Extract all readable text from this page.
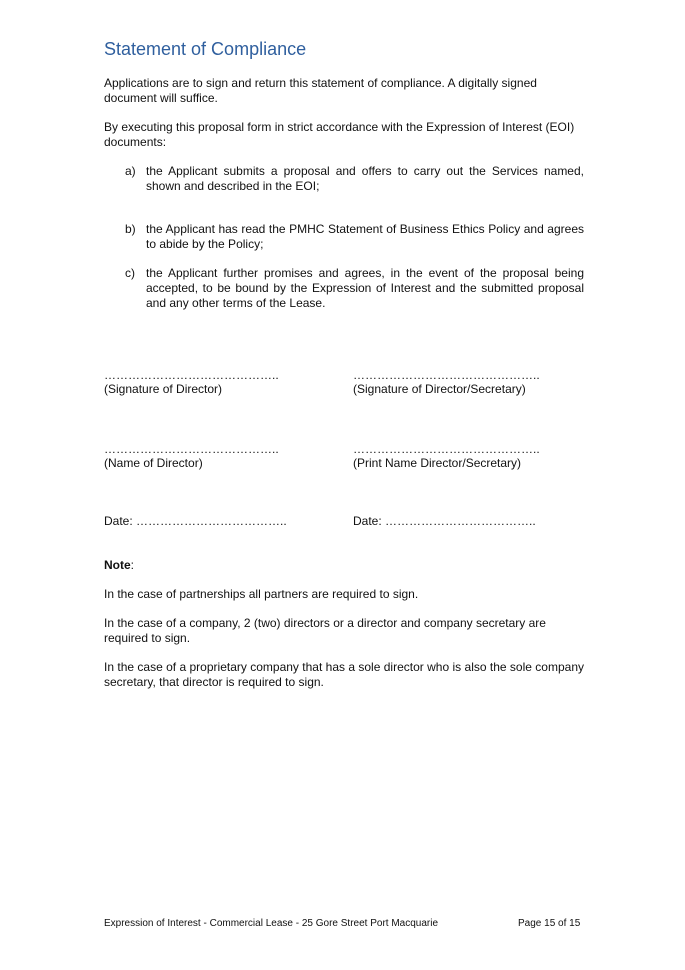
Statement of Compliance

Applications are to sign and return this statement of compliance. A digitally signed document will suffice.

By executing this proposal form in strict accordance with the Expression of Interest (EOI) documents:

a) the Applicant submits a proposal and offers to carry out the Services named, shown and described in the EOI;
b) the Applicant has read the PMHC Statement of Business Ethics Policy and agrees to abide by the Policy;
c) the Applicant further promises and agrees, in the event of the proposal being accepted, to be bound by the Expression of Interest and the submitted proposal and any other terms of the Lease.
……………………………………..
(Signature of Director)
………………………………………..
(Signature of Director/Secretary)
……………………………………..
(Name of Director)
………………………………………..
(Print Name Director/Secretary)
Date: ………………………………..	Date: ………………………………..
Note:

In the case of partnerships all partners are required to sign.

In the case of a company, 2 (two) directors or a director and company secretary are required to sign.

In the case of a proprietary company that has a sole director who is also the sole company secretary, that director is required to sign.

Expression of Interest - Commercial Lease - 25 Gore Street Port Macquarie	Page 15 of 15
